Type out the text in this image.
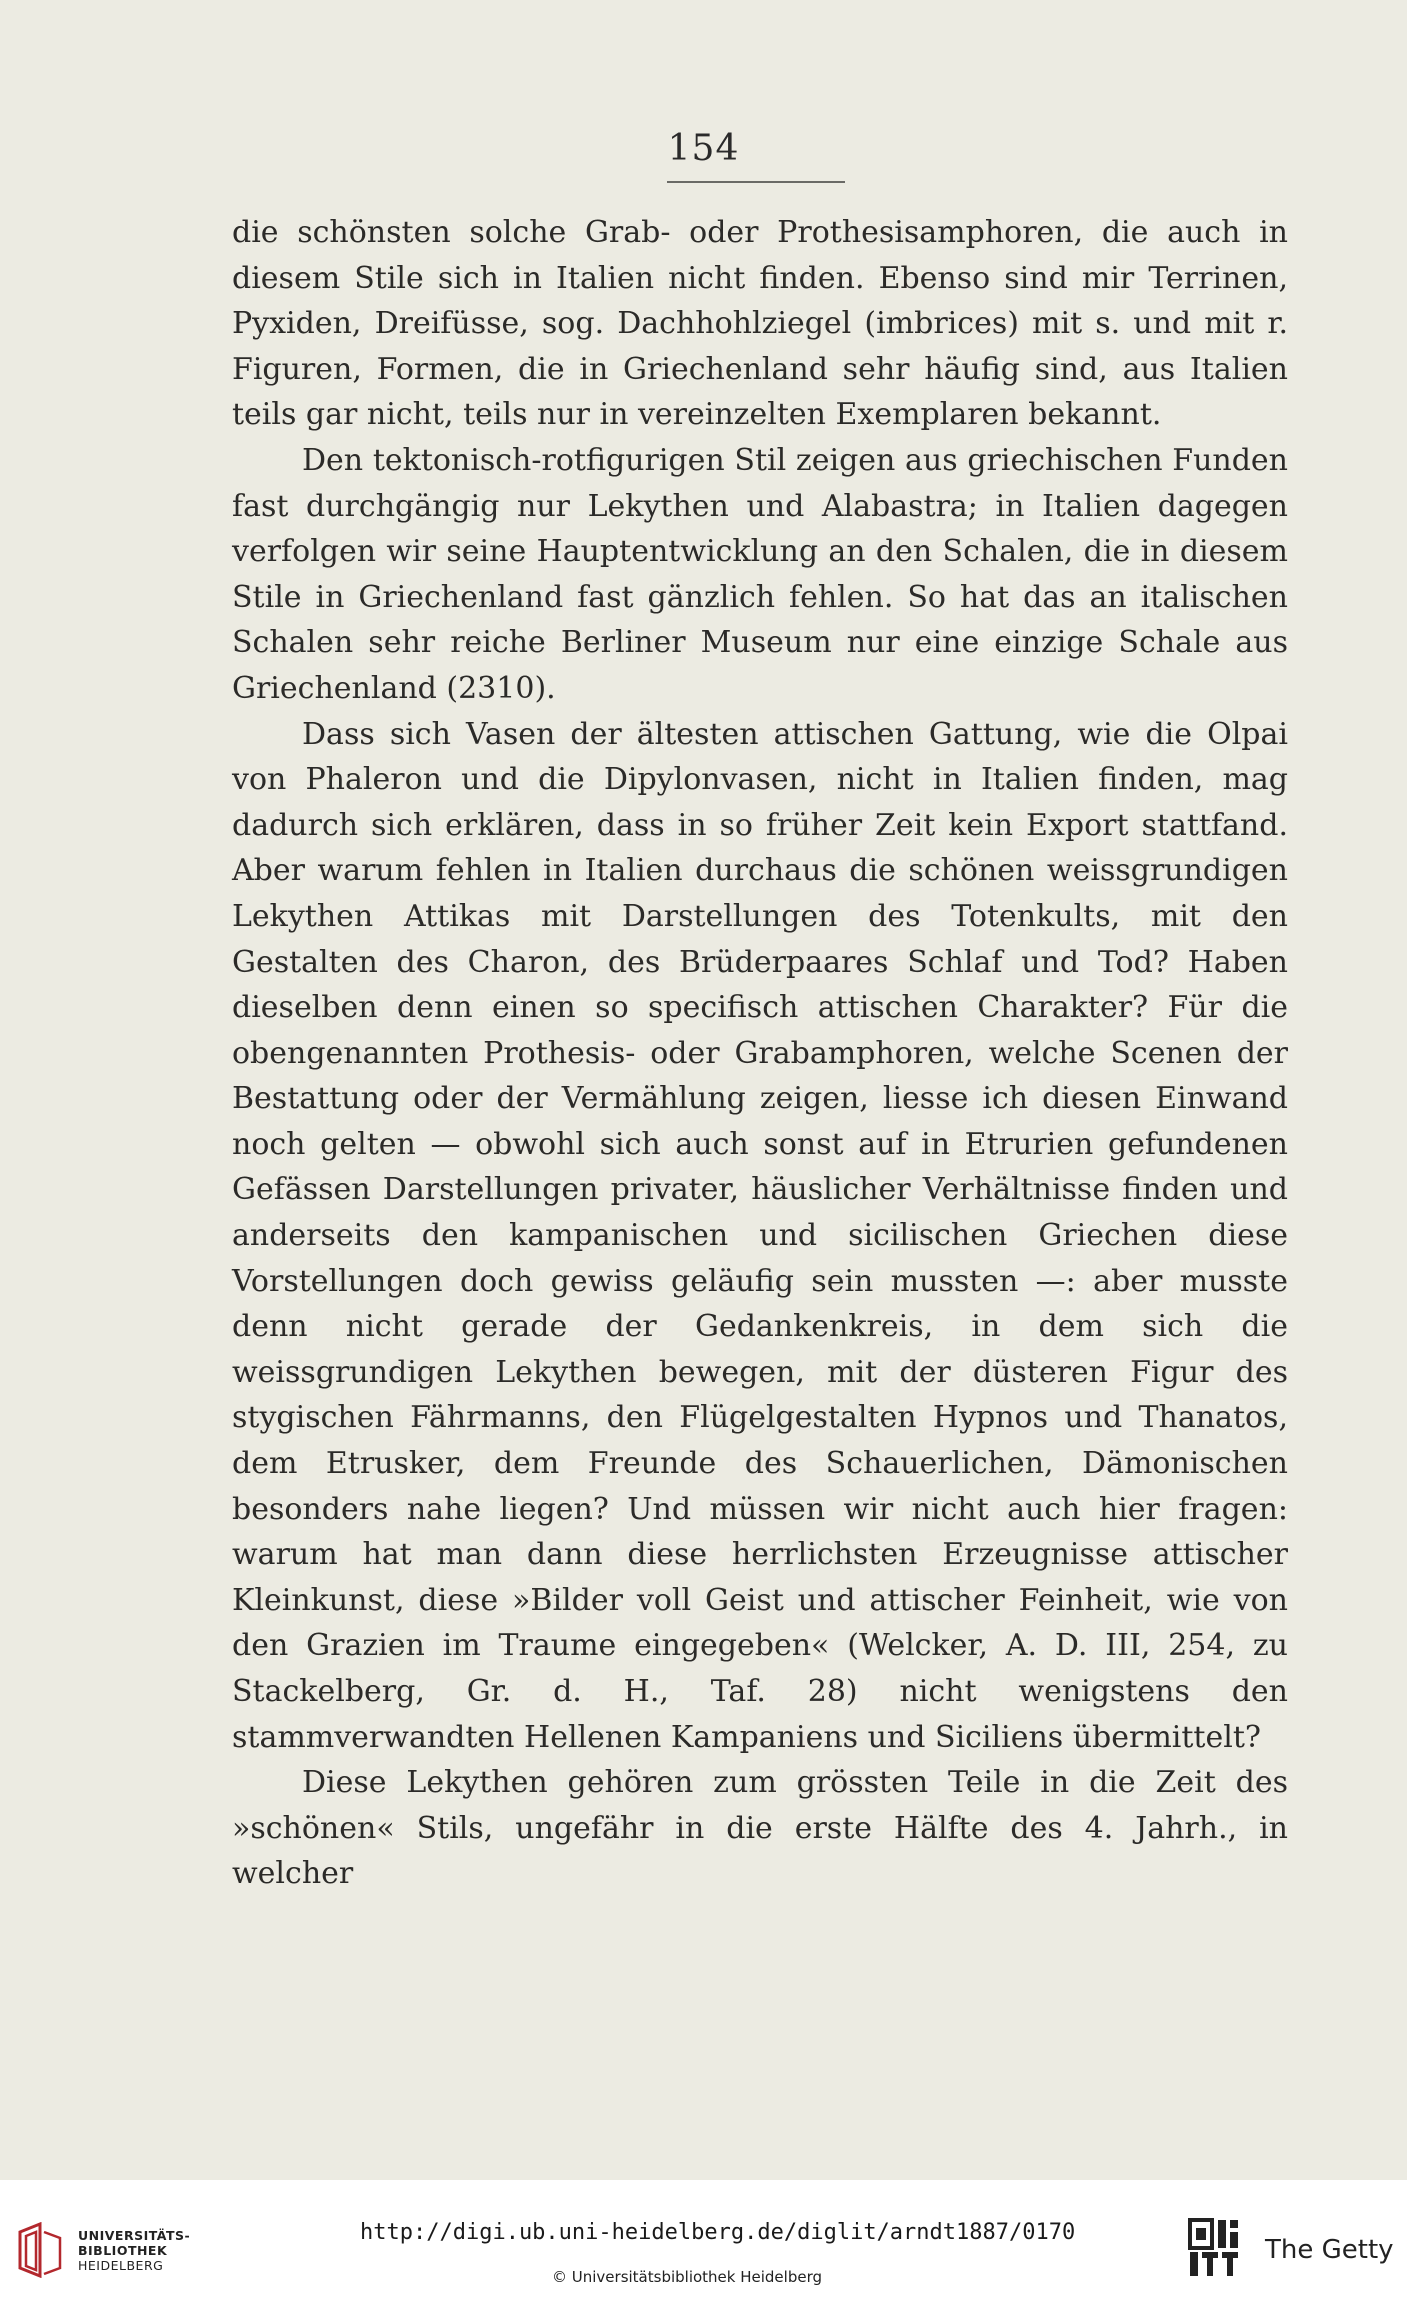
154

die schönsten solche Grab- oder Prothesisamphoren, die auch in diesem Stile sich in Italien nicht finden. Ebenso sind mir Terrinen, Pyxiden, Dreifüsse, sog. Dachhohlziegel (imbrices) mit s. und mit r. Figuren, Formen, die in Griechenland sehr häufig sind, aus Italien teils gar nicht, teils nur in vereinzelten Exemplaren bekannt.

Den tektonisch-rotfigurigen Stil zeigen aus griechischen Funden fast durchgängig nur Lekythen und Alabastra; in Italien dagegen verfolgen wir seine Hauptentwicklung an den Schalen, die in diesem Stile in Griechenland fast gänzlich fehlen. So hat das an italischen Schalen sehr reiche Berliner Museum nur eine einzige Schale aus Griechenland (2310).

Dass sich Vasen der ältesten attischen Gattung, wie die Olpai von Phaleron und die Dipylonvasen, nicht in Italien finden, mag dadurch sich erklären, dass in so früher Zeit kein Export stattfand. Aber warum fehlen in Italien durchaus die schönen weissgrundigen Lekythen Attikas mit Darstellungen des Totenkults, mit den Gestalten des Charon, des Brüderpaares Schlaf und Tod? Haben dieselben denn einen so specifisch attischen Charakter? Für die obengenannten Prothesis- oder Grabamphoren, welche Scenen der Bestattung oder der Vermählung zeigen, liesse ich diesen Einwand noch gelten — obwohl sich auch sonst auf in Etrurien gefundenen Gefässen Darstellungen privater, häuslicher Verhältnisse finden und anderseits den kampanischen und sicilischen Griechen diese Vorstellungen doch gewiss geläufig sein mussten —: aber musste denn nicht gerade der Gedankenkreis, in dem sich die weissgrundigen Lekythen bewegen, mit der düsteren Figur des stygischen Fährmanns, den Flügelgestalten Hypnos und Thanatos, dem Etrusker, dem Freunde des Schauerlichen, Dämonischen besonders nahe liegen? Und müssen wir nicht auch hier fragen: warum hat man dann diese herrlichsten Erzeugnisse attischer Kleinkunst, diese »Bilder voll Geist und attischer Feinheit, wie von den Grazien im Traume eingegeben« (Welcker, A. D. III, 254, zu Stackelberg, Gr. d. H., Taf. 28) nicht wenigstens den stammverwandten Hellenen Kampaniens und Siciliens übermittelt?

Diese Lekythen gehören zum grössten Teile in die Zeit des »schönen« Stils, ungefähr in die erste Hälfte des 4. Jahrh., in welcher

UNIVERSITÄTS-
BIBLIOTHEK
HEIDELBERG
http://digi.ub.uni-heidelberg.de/diglit/arndt1887/0170
© Universitätsbibliothek Heidelberg
The Getty
